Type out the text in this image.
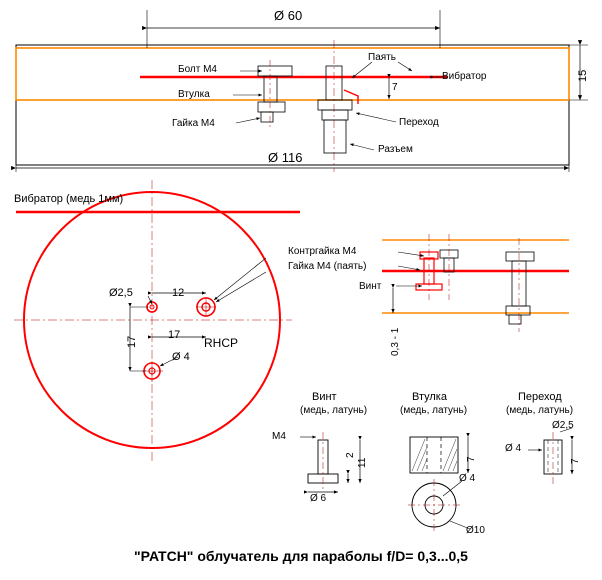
Ø 60
Ø 116
15
7
Болт М4
Втулка
Гайка М4
Паять
Вибратор
Переход
Разъем
Вибратор (медь 1мм)
Ø2,5	12
17
17
Ø 4
RHCP
Контргайка М4
Гайка М4 (паять)
Винт
0,3 - 1
Винт
(медь, латунь)
М4
2
11
Ø 6
Втулка
(медь, латунь)
7
Ø 4
Ø10
Переход
(медь, латунь)
Ø2,5
Ø 4
7
"PATCH" облучатель для параболы f/D= 0,3...0,5
